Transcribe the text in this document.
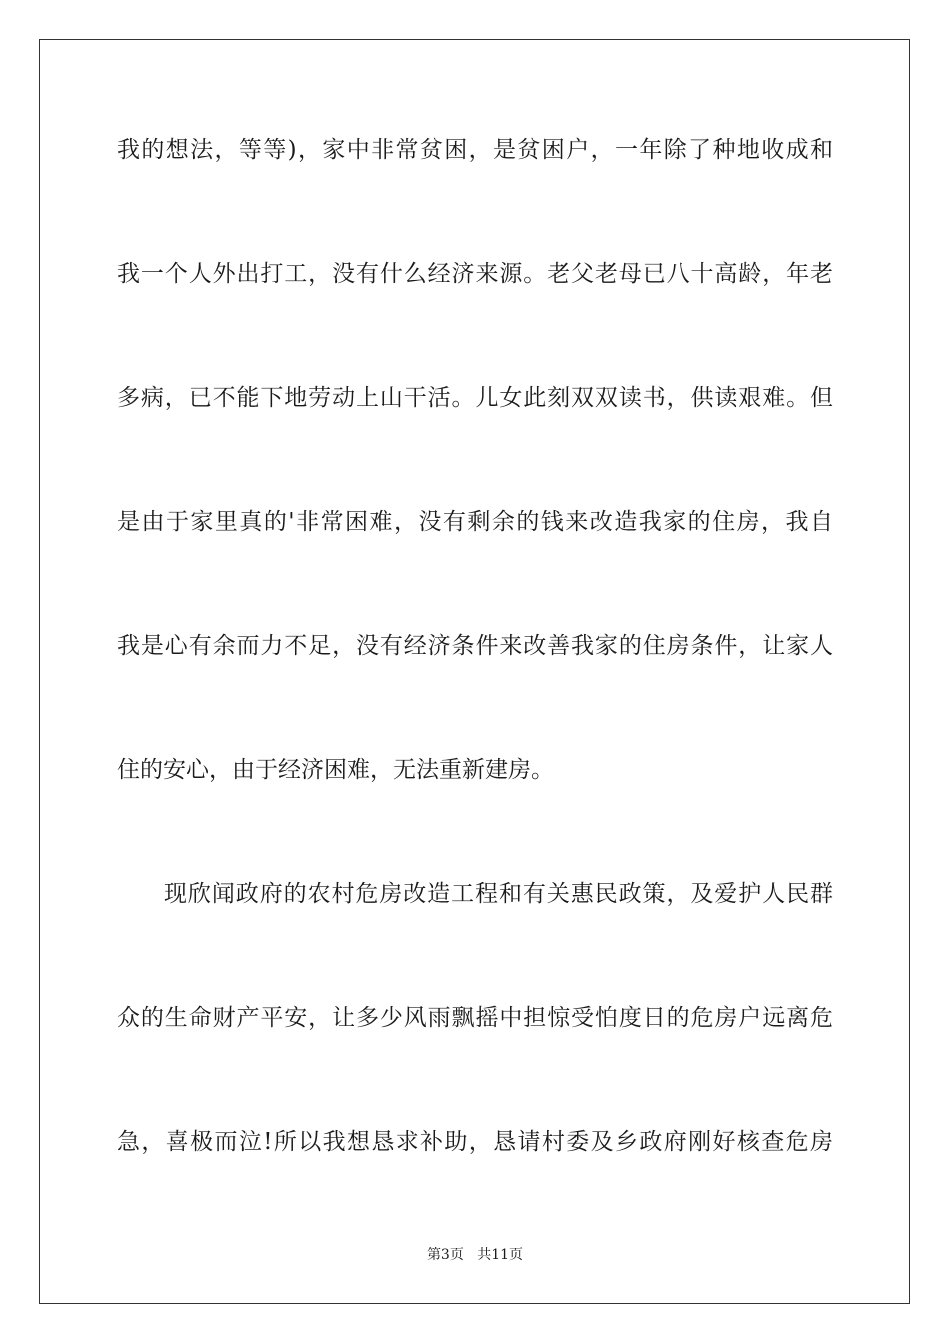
我的想法，等等)，家中非常贫困，是贫困户，一年除了种地收成和
我一个人外出打工，没有什么经济来源。老父老母已八十高龄，年老
多病，已不能下地劳动上山干活。儿女此刻双双读书，供读艰难。但
是由于家里真的'非常困难，没有剩余的钱来改造我家的住房，我自
我是心有余而力不足，没有经济条件来改善我家的住房条件，让家人
住的安心，由于经济困难，无法重新建房。
现欣闻政府的农村危房改造工程和有关惠民政策，及爱护人民群
众的生命财产平安，让多少风雨飘摇中担惊受怕度日的危房户远离危
急，喜极而泣!所以我想恳求补助，恳请村委及乡政府刚好核查危房
第3页 共11页
